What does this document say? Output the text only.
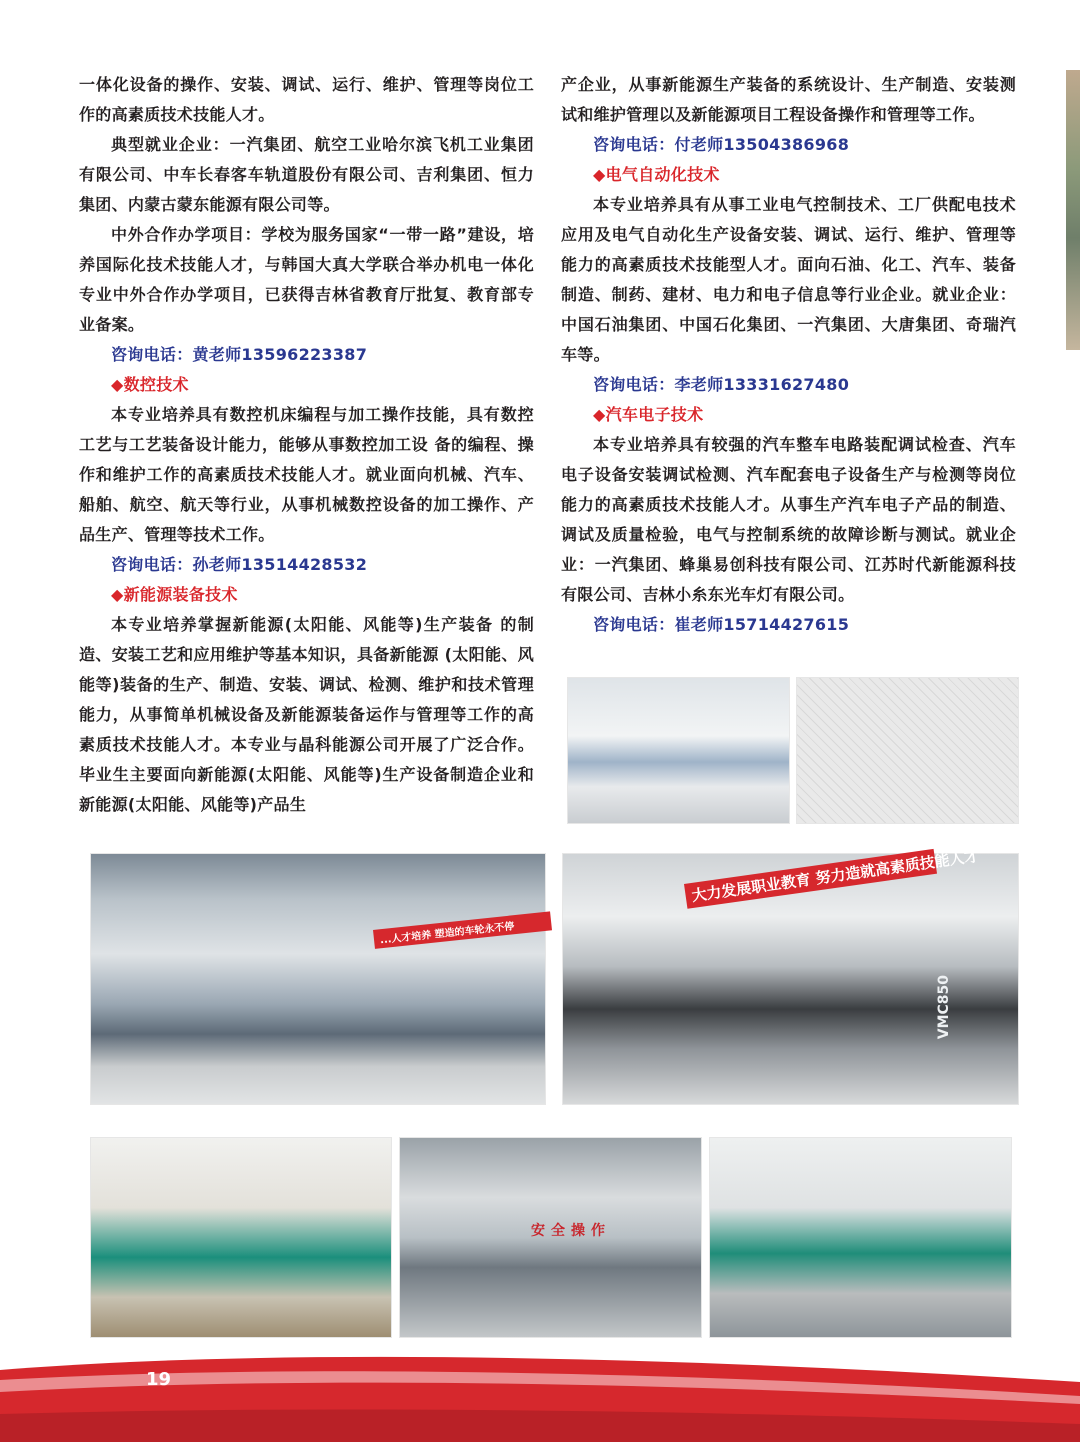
一体化设备的操作、安装、调试、运行、维护、管理等岗位工作的高素质技术技能人才。

典型就业企业：一汽集团、航空工业哈尔滨飞机工业集团有限公司、中车长春客车轨道股份有限公司、吉利集团、恒力集团、内蒙古蒙东能源有限公司等。

中外合作办学项目：学校为服务国家“一带一路”建设，培养国际化技术技能人才，与韩国大真大学联合举办机电一体化专业中外合作办学项目，已获得吉林省教育厅批复、教育部专业备案。

咨询电话：黄老师13596223387

◆数控技术

本专业培养具有数控机床编程与加工操作技能，具有数控工艺与工艺装备设计能力，能够从事数控加工设 备的编程、操作和维护工作的高素质技术技能人才。就业面向机械、汽车、船舶、航空、航天等行业，从事机械数控设备的加工操作、产品生产、管理等技术工作。

咨询电话：孙老师13514428532

◆新能源装备技术

本专业培养掌握新能源(太阳能、风能等)生产装备 的制造、安装工艺和应用维护等基本知识，具备新能源 (太阳能、风能等)装备的生产、制造、安装、调试、检测、维护和技术管理能力，从事简单机械设备及新能源装备运作与管理等工作的高素质技术技能人才。本专业与晶科能源公司开展了广泛合作。毕业生主要面向新能源(太阳能、风能等)生产设备制造企业和新能源(太阳能、风能等)产品生

产企业，从事新能源生产装备的系统设计、生产制造、安装测试和维护管理以及新能源项目工程设备操作和管理等工作。

咨询电话：付老师13504386968

◆电气自动化技术

本专业培养具有从事工业电气控制技术、工厂供配电技术应用及电气自动化生产设备安装、调试、运行、维护、管理等能力的高素质技术技能型人才。面向石油、化工、汽车、装备制造、制药、建材、电力和电子信息等行业企业。就业企业：中国石油集团、中国石化集团、一汽集团、大唐集团、奇瑞汽车等。

咨询电话：李老师13331627480

◆汽车电子技术

本专业培养具有较强的汽车整车电路装配调试检查、汽车电子设备安装调试检测、汽车配套电子设备生产与检测等岗位能力的高素质技术技能人才。从事生产汽车电子产品的制造、调试及质量检验，电气与控制系统的故障诊断与测试。就业企业：一汽集团、蜂巢易创科技有限公司、江苏时代新能源科技有限公司、吉林小糸东光车灯有限公司。

咨询电话：崔老师15714427615

...人才培养 塑造的车轮永不停
大力发展职业教育 努力造就高素质技能人才
VMC850
安全操作
19
